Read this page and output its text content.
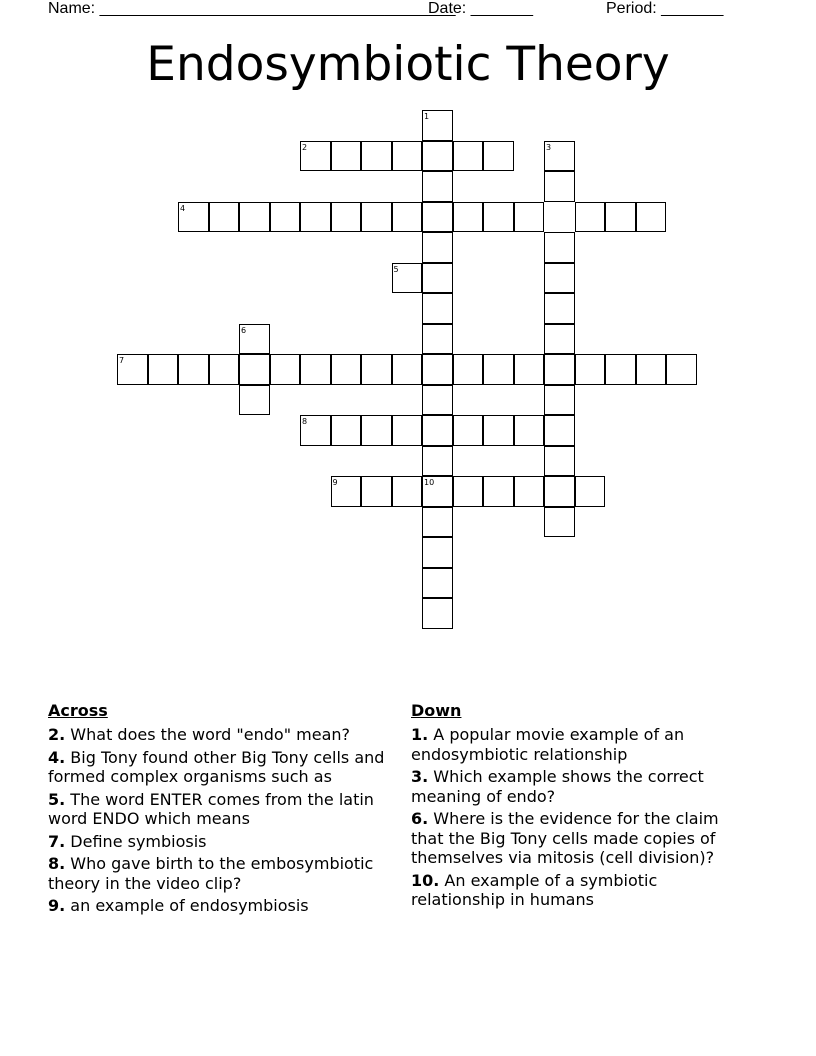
Name: ________________________________________
Date: _______	Period: _______
Endosymbiotic Theory
1
2	3
4
5
6
7
8
9	10
Across
2. What does the word "endo" mean?
4. Big Tony found other Big Tony cells and formed complex organisms such as
5. The word ENTER comes from the latin word ENDO which means
7. Define symbiosis
8. Who gave birth to the embosymbiotic theory in the video clip?
9. an example of endosymbiosis
Down
1. A popular movie example of an endosymbiotic relationship
3. Which example shows the correct meaning of endo?
6. Where is the evidence for the claim that the Big Tony cells made copies of themselves via mitosis (cell division)?
10. An example of a symbiotic relationship in humans
